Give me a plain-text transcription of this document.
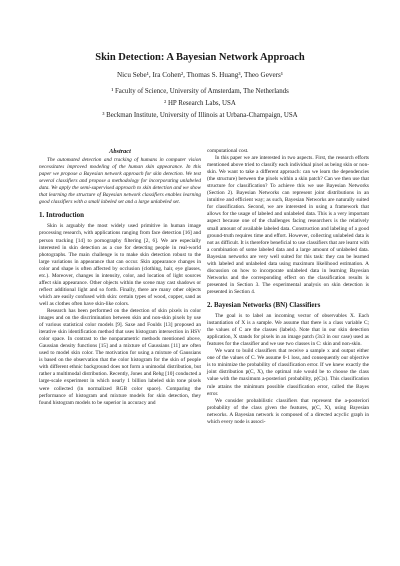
Skin Detection: A Bayesian Network Approach
Nicu Sebe¹, Ira Cohen², Thomas S. Huang³, Theo Gevers¹
¹ Faculty of Science, University of Amsterdam, The Netherlands
² HP Research Labs, USA
³ Beckman Institute, University of Illinois at Urbana-Champaign, USA
Abstract

The automated detection and tracking of humans in computer vision necessitates improved modeling of the human skin appearance. In this paper we propose a Bayesian network approach for skin detection. We test several classifiers and propose a methodology for incorporating unlabeled data. We apply the semi-supervised approach to skin detection and we show that learning the structure of Bayesian network classifiers enables learning good classifiers with a small labeled set and a large unlabeled set.

1. Introduction

Skin is arguably the most widely used primitive in human image processing research, with applications ranging from face detection [16] and person tracking [14] to pornography filtering [2, 6]. We are especially interested in skin detection as a cue for detecting people in real-world photographs. The main challenge is to make skin detection robust to the large variations in appearance that can occur. Skin appearance changes in color and shape is often affected by occlusion (clothing, hair, eye glasses, etc.). Moreover, changes in intensity, color, and location of light sources affect skin appearance. Other objects within the scene may cast shadows or reflect additional light and so forth. Finally, there are many other objects which are easily confused with skin: certain types of wood, copper, sand as well as clothes often have skin-like colors.

Research has been performed on the detection of skin pixels in color images and on the discrimination between skin and non-skin pixels by use of various statistical color models [9]. Saxe and Foulds [13] proposed an iterative skin identification method that uses histogram intersection in HSV color space. In contrast to the nonparametric methods mentioned above, Gaussian density functions [15] and a mixture of Gaussians [11] are often used to model skin color. The motivation for using a mixture of Gaussians is based on the observation that the color histogram for the skin of people with different ethnic background does not form a unimodal distribution, but rather a multimodal distribution. Recently, Jones and Rehg [10] conducted a large-scale experiment in which nearly 1 billion labeled skin tone pixels were collected (in normalized RGB color space). Comparing the performance of histogram and mixture models for skin detection, they found histogram models to be superior in accuracy and

computational cost.

In this paper we are interested in two aspects. First, the research efforts mentioned above tried to classify each individual pixel as being skin or non-skin. We want to take a different approach: can we learn the dependencies (the structure) between the pixels within a skin patch? Can we then use that structure for classification? To achieve this we use Bayesian Networks (Section 2). Bayesian Networks can represent joint distributions in an intuitive and efficient way; as such, Bayesian Networks are naturally suited for classification. Second, we are interested in using a framework that allows for the usage of labeled and unlabeled data. This is a very important aspect because one of the challenges facing researchers is the relatively small amount of available labeled data. Construction and labeling of a good ground-truth requires time and effort. However, collecting unlabeled data is not as difficult. It is therefore beneficial to use classifiers that are learnt with a combination of some labeled data and a large amount of unlabeled data. Bayesian networks are very well suited for this task: they can be learned with labeled and unlabeled data using maximum likelihood estimation. A discussion on how to incorporate unlabeled data in learning Bayesian Networks and the corresponding effect on the classification results is presented in Section 3. The experimental analysis on skin detection is presented in Section 4.

2. Bayesian Networks (BN) Classifiers

The goal is to label an incoming vector of observables X. Each instantiation of X is a sample. We assume that there is a class variable C; the values of C are the classes (labels). Note that in our skin detection application, X stands for pixels in an image patch (3x3 in our case) used as features for the classifier and we use two classes in C: skin and non-skin.

We want to build classifiers that receive a sample x and output either one of the values of C. We assume 0-1 loss, and consequently our objective is to minimize the probability of classification error. If we knew exactly the joint distribution p(C, X), the optimal rule would be to choose the class value with the maximum a-posteriori probability, p(C|x). This classification rule attains the minimum possible classification error, called the Bayes error.

We consider probabilistic classifiers that represent the a-posteriori probability of the class given the features, p(C, X), using Bayesian networks. A Bayesian network is composed of a directed acyclic graph in which every node is associ-
